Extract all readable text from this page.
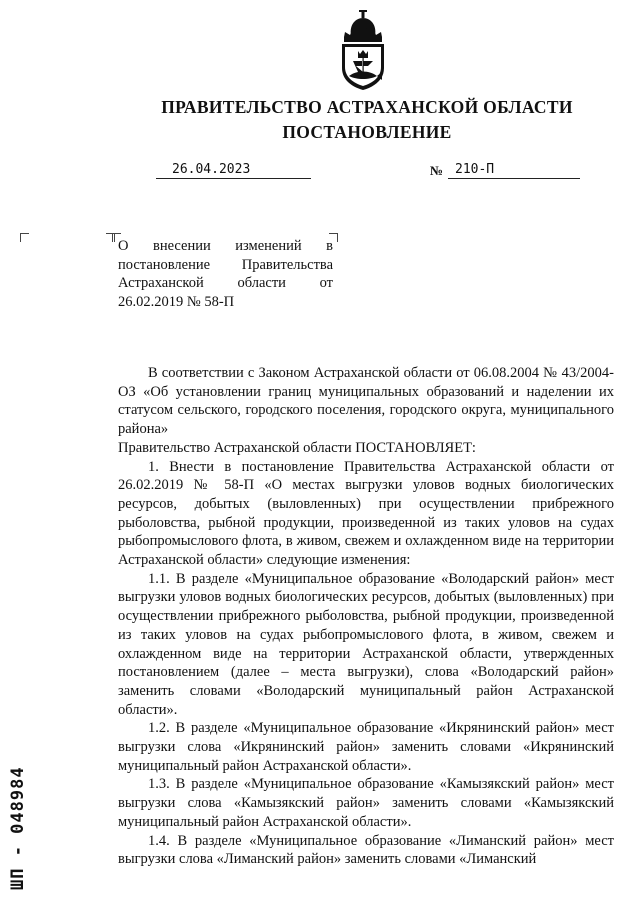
ПРАВИТЕЛЬСТВО АСТРАХАНСКОЙ ОБЛАСТИ
ПОСТАНОВЛЕНИЕ
26.04.2023	№ 210-П
О внесении изменений в постановление Правительства Астраханской области от 26.02.2019 № 58-П

В соответствии с Законом Астраханской области от 06.08.2004 № 43/2004-ОЗ «Об установлении границ муниципальных образований и наделении их статусом сельского, городского поселения, городского округа, муниципального района»

Правительство Астраханской области ПОСТАНОВЛЯЕТ:

1. Внести в постановление Правительства Астраханской области от 26.02.2019 № 58-П «О местах выгрузки уловов водных биологических ресурсов, добытых (выловленных) при осуществлении прибрежного рыболовства, рыбной продукции, произведенной из таких уловов на судах рыбопромыслового флота, в живом, свежем и охлажденном виде на территории Астраханской области» следующие изменения:

1.1. В разделе «Муниципальное образование «Володарский район» мест выгрузки уловов водных биологических ресурсов, добытых (выловленных) при осуществлении прибрежного рыболовства, рыбной продукции, произведенной из таких уловов на судах рыбопромыслового флота, в живом, свежем и охлажденном виде на территории Астраханской области, утвержденных постановлением (далее – места выгрузки), слова «Володарский район» заменить словами «Володарский муниципальный район Астраханской области».

1.2. В разделе «Муниципальное образование «Икрянинский район» мест выгрузки слова «Икрянинский район» заменить словами «Икрянинский муниципальный район Астраханской области».

1.3. В разделе «Муниципальное образование «Камызякский район» мест выгрузки слова «Камызякский район» заменить словами «Камызякский муниципальный район Астраханской области».

1.4. В разделе «Муниципальное образование «Лиманский район» мест выгрузки слова «Лиманский район» заменить словами «Лиманский

ШП - 048984
